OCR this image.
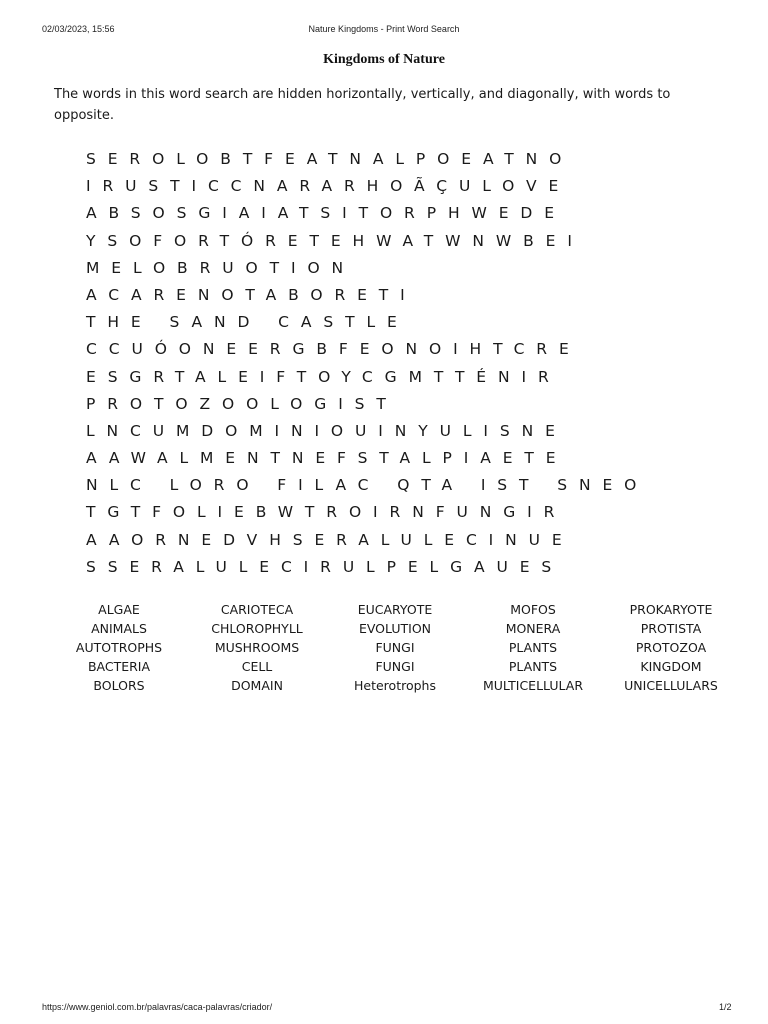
02/03/2023, 15:56	Nature Kingdoms - Print Word Search
Kingdoms of Nature
The words in this word search are hidden horizontally, vertically, and diagonally, with words to opposite.
SEROLOBTFEATNALPOEATNO
IRUSTICCNARARHOÃÇULOVE
ABSOSGIAIATSITORPHWEDE
YSOFORTÓRETEHWATWNWBEI
MELOBRUOTION
ACARENOTABORETI
THE SAND CASTLE
CCUÓONEERGBFEONOIHTCRE
ESGRTALEIFTOYCGMTTÉNIR
PROTOZOOLOGIST
LNCUMDOMINIOUINYULISNE
AAWALMENTNEFSTALPIAETE
NLC LORO FILAC QTA IST SNEO
TGTFOLIEBWTROIRNFUNGIR
AAORNEDVHSERALULECINUE
SSERALULECIRULPELGAUES
ALGAE	CARIOTECA	EUCARYOTE	MOFOS	PROKARYOTE
ANIMALS	CHLOROPHYLL	EVOLUTION	MONERA	PROTISTA
AUTOTROPHS	MUSHROOMS	FUNGI	PLANTS	PROTOZOA
BACTERIA	CELL	FUNGI	PLANTS	KINGDOM
BOLORS	DOMAIN	Heterotrophs	MULTICELLULAR	UNICELLULARS
https://www.geniol.com.br/palavras/caca-palavras/criador/	1/2
